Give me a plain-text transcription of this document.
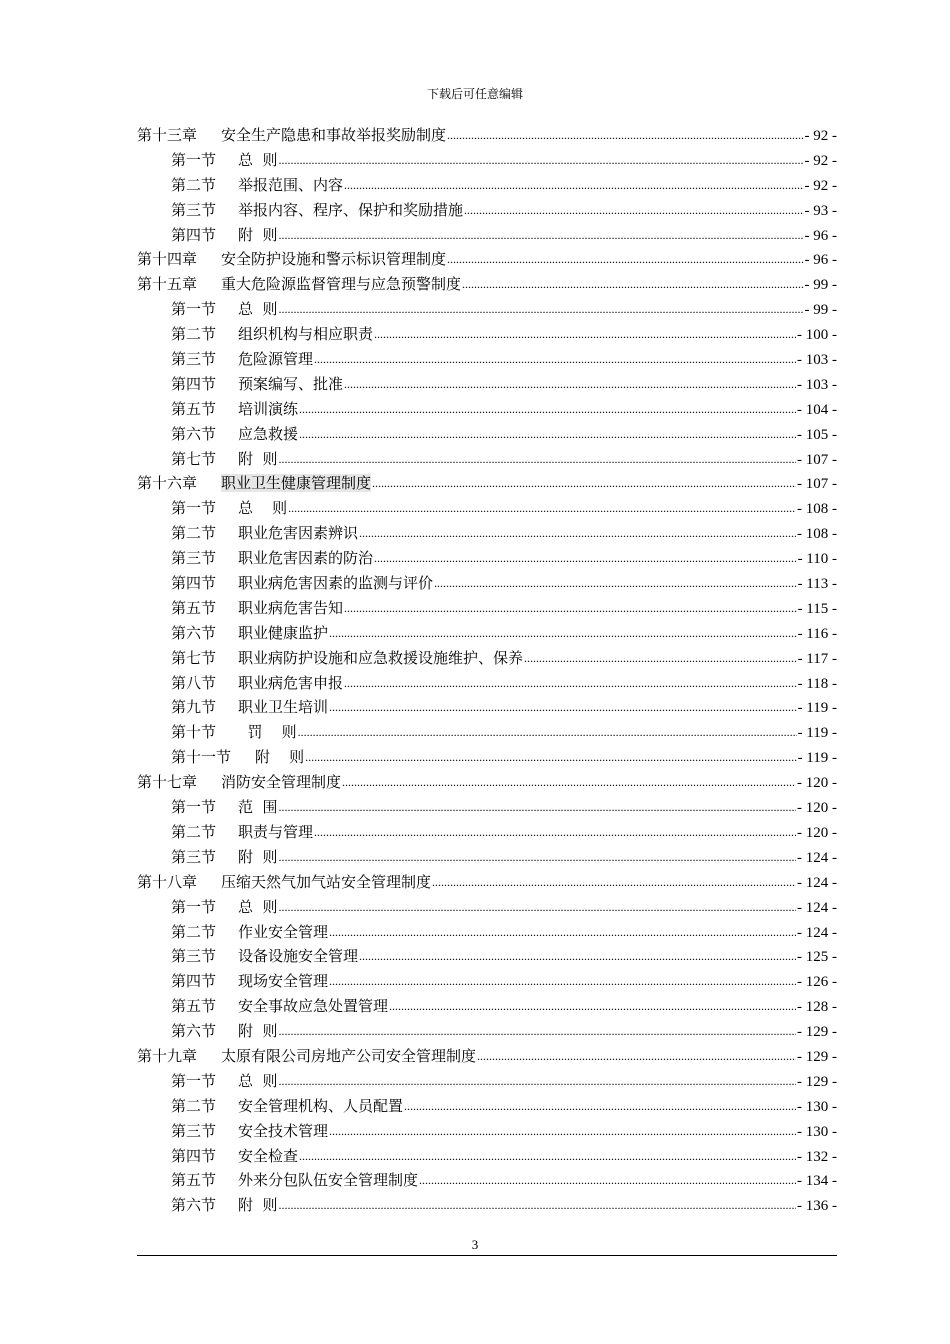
下载后可任意编辑
第十三章 安全生产隐患和事故举报奖励制度 .....	- 92 -
第一节 总  则 .....	- 92 -
第二节 举报范围、内容 .....	- 92 -
第三节 举报内容、程序、保护和奖励措施 .....	- 93 -
第四节 附  则 .....	- 96 -
第十四章 安全防护设施和警示标识管理制度 .....	- 96 -
第十五章 重大危险源监督管理与应急预警制度 .....	- 99 -
第一节 总  则 .....	- 99 -
第二节 组织机构与相应职责 .....	- 100 -
第三节 危险源管理 .....	- 103 -
第四节 预案编写、批准 .....	- 103 -
第五节 培训演练 .....	- 104 -
第六节 应急救援 .....	- 105 -
第七节 附  则 .....	- 107 -
第十六章 职业卫生健康管理制度 .....	- 107 -
第一节 总    则 .....	- 108 -
第二节 职业危害因素辨识 .....	- 108 -
第三节 职业危害因素的防治 .....	- 110 -
第四节 职业病危害因素的监测与评价 .....	- 113 -
第五节 职业病危害告知 .....	- 115 -
第六节 职业健康监护 .....	- 116 -
第七节 职业病防护设施和应急救援设施维护、保养 .....	- 117 -
第八节 职业病危害申报 .....	- 118 -
第九节 职业卫生培训 .....	- 119 -
第十节  罚    则 .....	- 119 -
第十一节 附    则 .....	- 119 -
第十七章 消防安全管理制度 .....	- 120 -
第一节 范  围 .....	- 120 -
第二节 职责与管理 .....	- 120 -
第三节 附  则 .....	- 124 -
第十八章 压缩天然气加气站安全管理制度 .....	- 124 -
第一节 总  则 .....	- 124 -
第二节 作业安全管理 .....	- 124 -
第三节 设备设施安全管理 .....	- 125 -
第四节 现场安全管理 .....	- 126 -
第五节 安全事故应急处置管理 .....	- 128 -
第六节 附  则 .....	- 129 -
第十九章 太原有限公司房地产公司安全管理制度 .....	- 129 -
第一节 总  则 .....	- 129 -
第二节 安全管理机构、人员配置 .....	- 130 -
第三节 安全技术管理 .....	- 130 -
第四节 安全检查 .....	- 132 -
第五节 外来分包队伍安全管理制度 .....	- 134 -
第六节 附  则 .....	- 136 -
3
